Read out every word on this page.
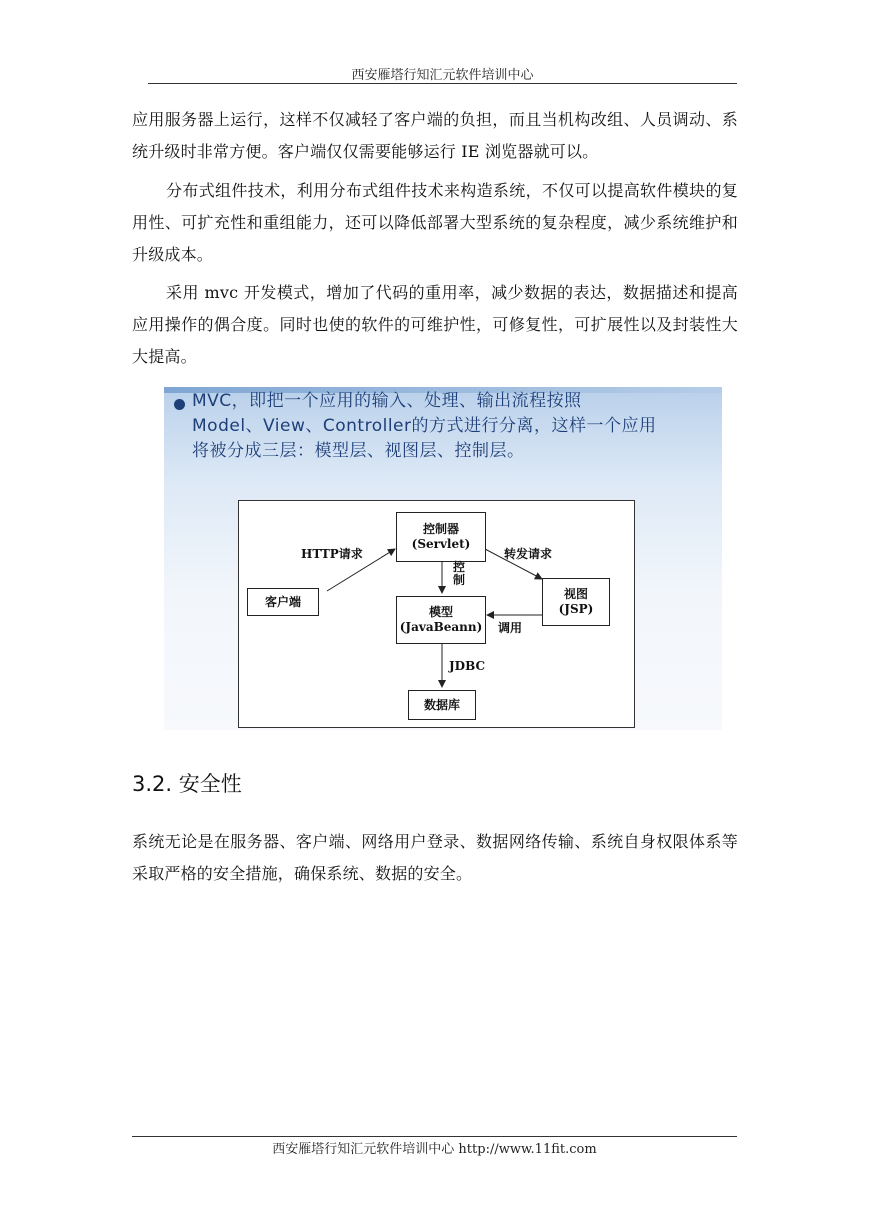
西安雁塔行知汇元软件培训中心

应用服务器上运行，这样不仅减轻了客户端的负担，而且当机构改组、人员调动、系统升级时非常方便。客户端仅仅需要能够运行 IE 浏览器就可以。

分布式组件技术，利用分布式组件技术来构造系统，不仅可以提高软件模块的复用性、可扩充性和重组能力，还可以降低部署大型系统的复杂程度，减少系统维护和升级成本。

采用 mvc 开发模式，增加了代码的重用率，减少数据的表达，数据描述和提高应用操作的偶合度。同时也使的软件的可维护性，可修复性，可扩展性以及封装性大大提高。

MVC，即把一个应用的输入、处理、输出流程按照
Model、View、Controller的方式进行分离，这样一个应用
将被分成三层：模型层、视图层、控制层。
控制器
(Servlet)
模型
(JavaBeann)
视图
(JSP)
客户端
数据库
HTTP请求	转发请求
控制
调用
JDBC
3.2. 安全性

系统无论是在服务器、客户端、网络用户登录、数据网络传输、系统自身权限体系等采取严格的安全措施，确保系统、数据的安全。

西安雁塔行知汇元软件培训中心 http://www.11fit.com
